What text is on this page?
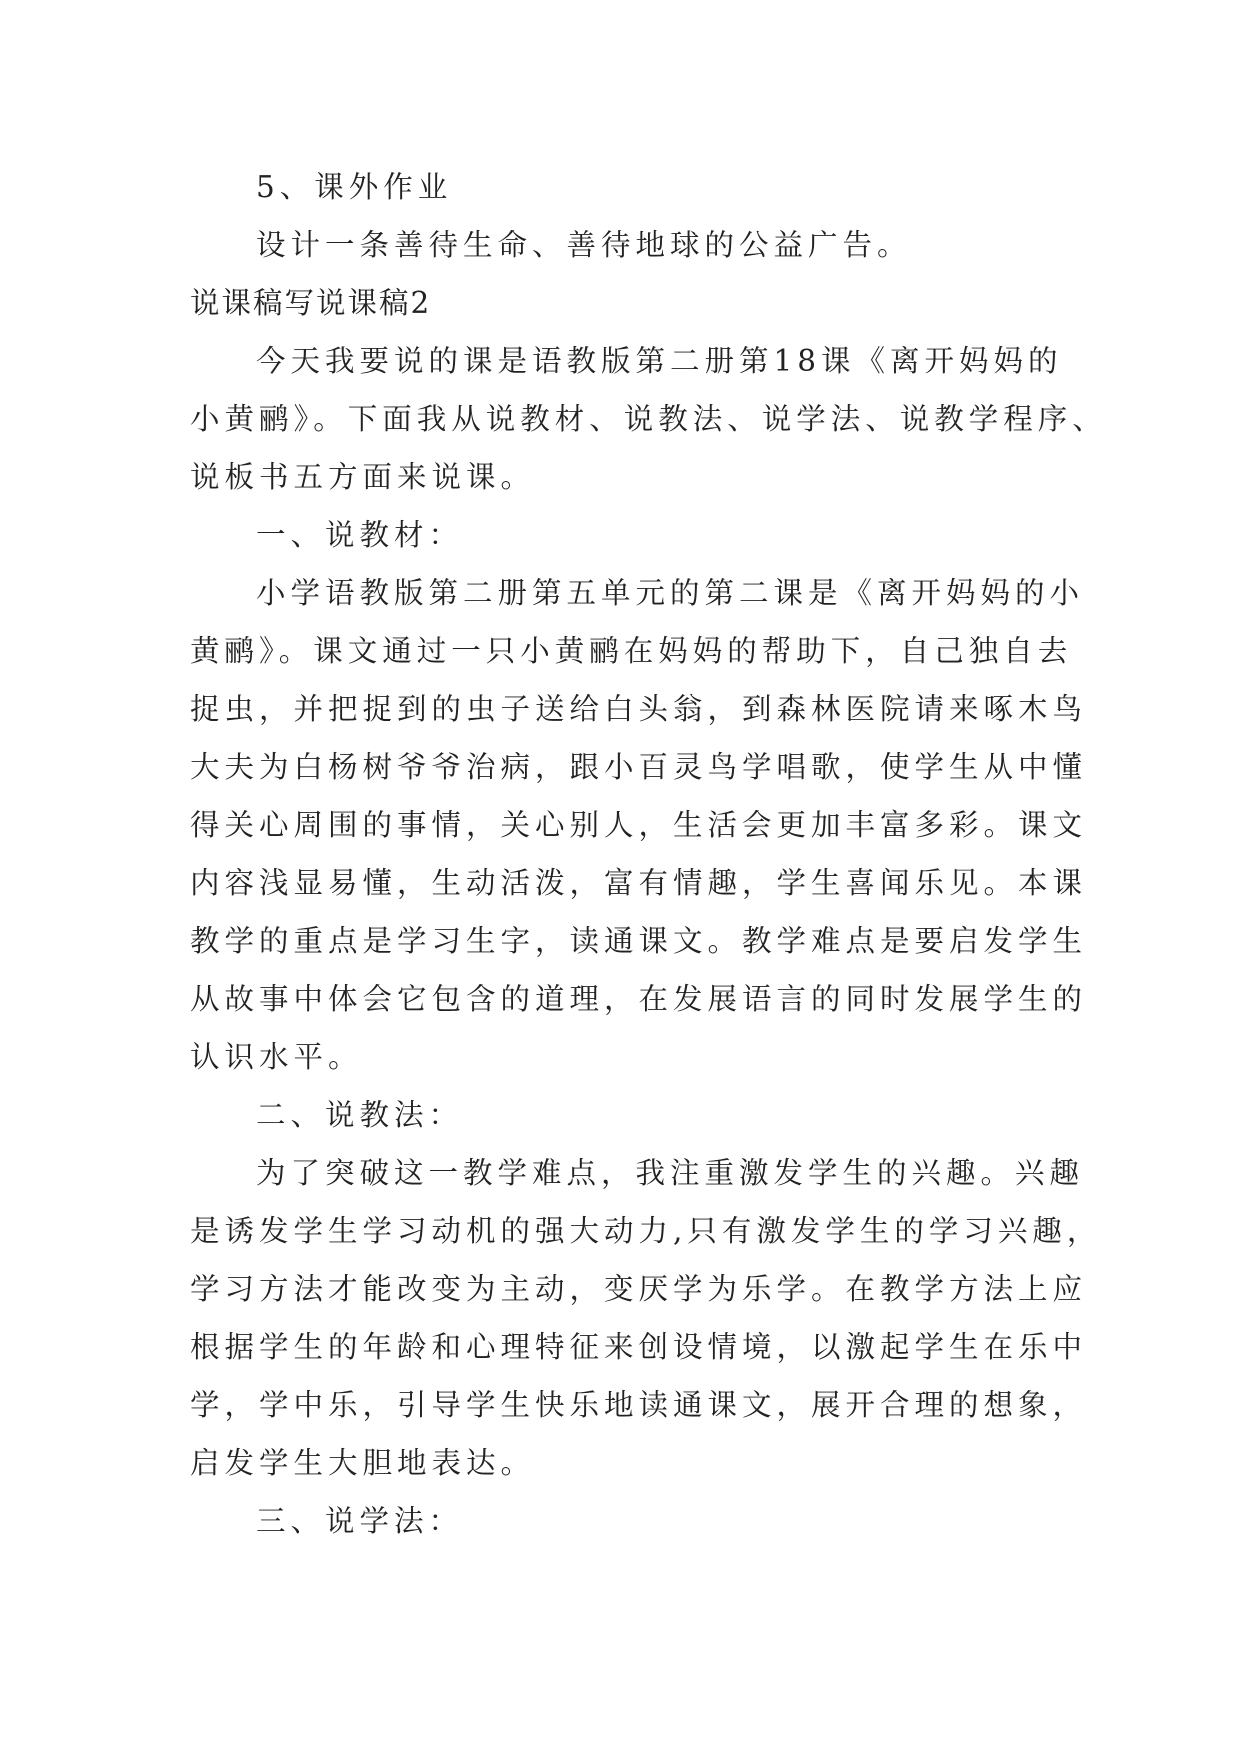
5、课外作业
设计一条善待生命、善待地球的公益广告。
说课稿写说课稿2
今天我要说的课是语教版第二册第18课《离开妈妈的
小黄鹂》。下面我从说教材、说教法、说学法、说教学程序、
说板书五方面来说课。
一、说教材：
小学语教版第二册第五单元的第二课是《离开妈妈的小
黄鹂》。课文通过一只小黄鹂在妈妈的帮助下，自己独自去
捉虫，并把捉到的虫子送给白头翁，到森林医院请来啄木鸟
大夫为白杨树爷爷治病，跟小百灵鸟学唱歌，使学生从中懂
得关心周围的事情，关心别人，生活会更加丰富多彩。课文
内容浅显易懂，生动活泼，富有情趣，学生喜闻乐见。本课
教学的重点是学习生字，读通课文。教学难点是要启发学生
从故事中体会它包含的道理，在发展语言的同时发展学生的
认识水平。
二、说教法：
为了突破这一教学难点，我注重激发学生的兴趣。兴趣
是诱发学生学习动机的强大动力,只有激发学生的学习兴趣，
学习方法才能改变为主动，变厌学为乐学。在教学方法上应
根据学生的年龄和心理特征来创设情境，以激起学生在乐中
学，学中乐，引导学生快乐地读通课文，展开合理的想象，
启发学生大胆地表达。
三、说学法：
